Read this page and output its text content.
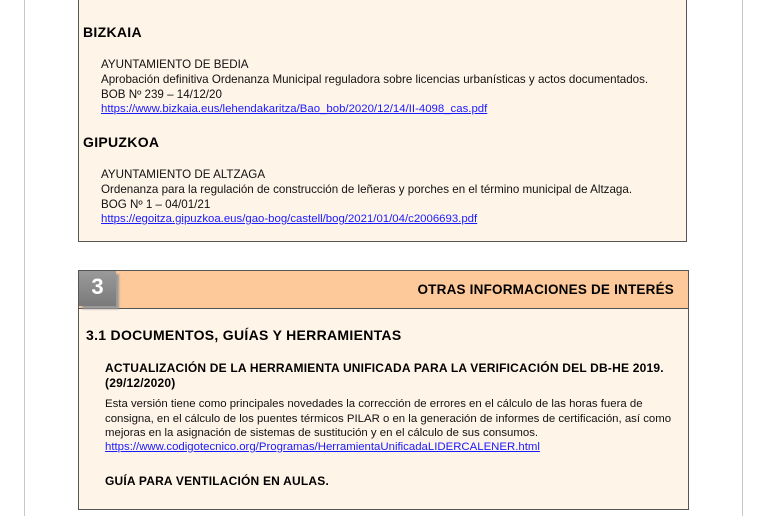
BIZKAIA
AYUNTAMIENTO DE BEDIA
Aprobación definitiva Ordenanza Municipal reguladora sobre licencias urbanísticas y actos documentados.
BOB Nº 239 – 14/12/20
https://www.bizkaia.eus/lehendakaritza/Bao_bob/2020/12/14/II-4098_cas.pdf
GIPUZKOA
AYUNTAMIENTO DE ALTZAGA
Ordenanza para la regulación de construcción de leñeras y porches en el término municipal de Altzaga.
BOG Nº 1 – 04/01/21
https://egoitza.gipuzkoa.eus/gao-bog/castell/bog/2021/01/04/c2006693.pdf
3	OTRAS INFORMACIONES DE INTERÉS
3.1 DOCUMENTOS, GUÍAS Y HERRAMIENTAS
ACTUALIZACIÓN DE LA HERRAMIENTA UNIFICADA PARA LA VERIFICACIÓN DEL DB-HE 2019. (29/12/2020)
Esta versión tiene como principales novedades la corrección de errores en el cálculo de las horas fuera de consigna, en el cálculo de los puentes térmicos PILAR o en la generación de informes de certificación, así como mejoras en la asignación de sistemas de sustitución y en el cálculo de sus consumos.
https://www.codigotecnico.org/Programas/HerramientaUnificadaLIDERCALENER.html
GUÍA PARA VENTILACIÓN EN AULAS.
